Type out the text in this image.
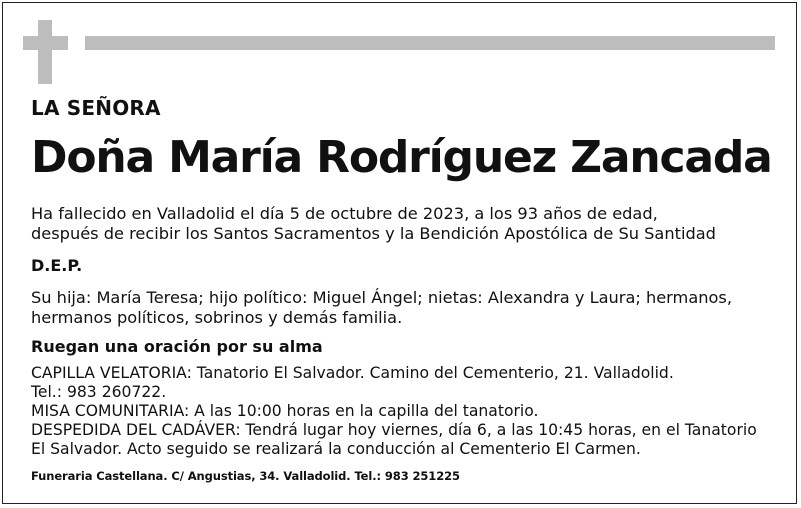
LA SEÑORA
Doña María Rodríguez Zancada
Ha fallecido en Valladolid el día 5 de octubre de 2023, a los 93 años de edad,
después de recibir los Santos Sacramentos y la Bendición Apostólica de Su Santidad
D.E.P.
Su hija: María Teresa; hijo político: Miguel Ángel; nietas: Alexandra y Laura; hermanos,
hermanos políticos, sobrinos y demás familia.
Ruegan una oración por su alma
CAPILLA VELATORIA: Tanatorio El Salvador. Camino del Cementerio, 21. Valladolid.
Tel.: 983 260722.
MISA COMUNITARIA: A las 10:00 horas en la capilla del tanatorio.
DESPEDIDA DEL CADÁVER: Tendrá lugar hoy viernes, día 6, a las 10:45 horas, en el Tanatorio
El Salvador. Acto seguido se realizará la conducción al Cementerio El Carmen.
Funeraria Castellana. C/ Angustias, 34. Valladolid. Tel.: 983 251225
